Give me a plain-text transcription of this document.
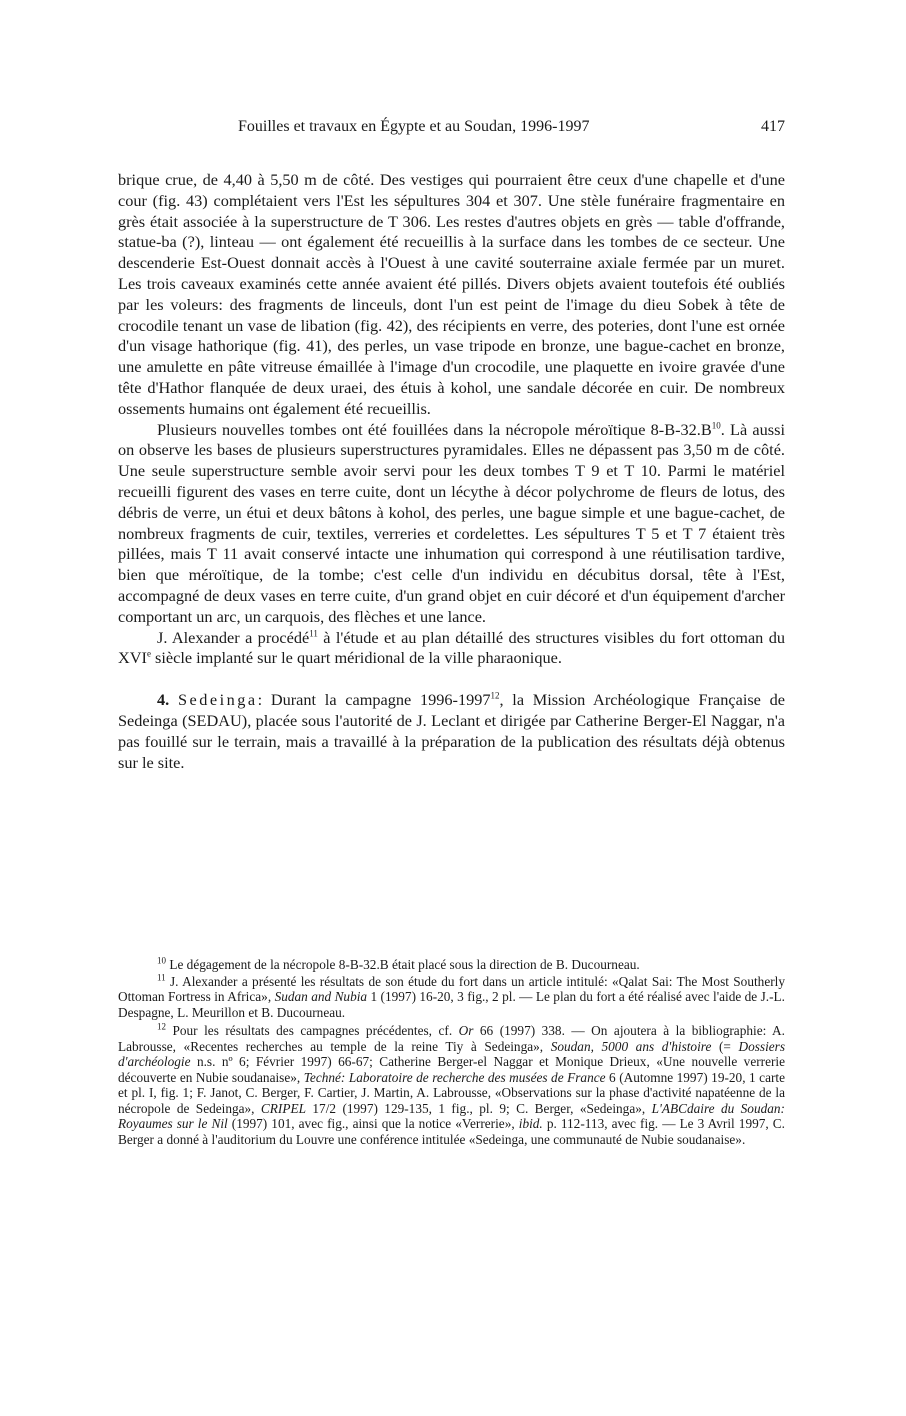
Fouilles et travaux en Égypte et au Soudan, 1996-1997	417

brique crue, de 4,40 à 5,50 m de côté. Des vestiges qui pourraient être ceux d'une chapelle et d'une cour (fig. 43) complétaient vers l'Est les sépultures 304 et 307. Une stèle funéraire fragmentaire en grès était associée à la superstructure de T 306. Les restes d'autres objets en grès — table d'offrande, statue-ba (?), linteau — ont également été recueillis à la surface dans les tombes de ce secteur. Une descenderie Est-Ouest donnait accès à l'Ouest à une cavité souterraine axiale fermée par un muret. Les trois caveaux examinés cette année avaient été pillés. Divers objets avaient toutefois été oubliés par les voleurs: des fragments de linceuls, dont l'un est peint de l'image du dieu Sobek à tête de crocodile tenant un vase de libation (fig. 42), des récipients en verre, des poteries, dont l'une est ornée d'un visage hathorique (fig. 41), des perles, un vase tripode en bronze, une bague-cachet en bronze, une amulette en pâte vitreuse émaillée à l'image d'un crocodile, une plaquette en ivoire gravée d'une tête d'Hathor flanquée de deux uraei, des étuis à kohol, une sandale décorée en cuir. De nombreux ossements humains ont également été recueillis.

Plusieurs nouvelles tombes ont été fouillées dans la nécropole méroïtique $8-B-32.B^{10}$. Là aussi on observe les bases de plusieurs superstructures pyramidales. Elles ne dépassent pas 3,50 m de côté. Une seule superstructure semble avoir servi pour les deux tombes T 9 et T 10. Parmi le matériel recueilli figurent des vases en terre cuite, dont un lécythe à décor polychrome de fleurs de lotus, des débris de verre, un étui et deux bâtons à kohol, des perles, une bague simple et une bague-cachet, de nombreux fragments de cuir, textiles, verreries et cordelettes. Les sépultures T 5 et T 7 étaient très pillées, mais T 11 avait conservé intacte une inhumation qui correspond à une réutilisation tardive, bien que méroïtique, de la tombe; c'est celle d'un individu en décubitus dorsal, tête à l'Est, accompagné de deux vases en terre cuite, d'un grand objet en cuir décoré et d'un équipement d'archer comportant un arc, un carquois, des flèches et une lance.

J. Alexander a procédé$^{11}$ à l'étude et au plan détaillé des structures visibles du fort ottoman du XVIe siècle implanté sur le quart méridional de la ville pharaonique.

4. Sedeinga: Durant la campagne 1996-1997$^{12}$, la Mission Archéologique Française de Sedeinga (SEDAU), placée sous l'autorité de J. Leclant et dirigée par Catherine Berger-El Naggar, n'a pas fouillé sur le terrain, mais a travaillé à la préparation de la publication des résultats déjà obtenus sur le site.

$^{10}$ Le dégagement de la nécropole 8-B-32.B était placé sous la direction de B. Ducourneau.

$^{11}$ J. Alexander a présenté les résultats de son étude du fort dans un article intitulé: «Qalat Sai: The Most Southerly Ottoman Fortress in Africa», Sudan and Nubia 1 (1997) 16-20, 3 fig., 2 pl. — Le plan du fort a été réalisé avec l'aide de J.-L. Despagne, L. Meurillon et B. Ducourneau.

$^{12}$ Pour les résultats des campagnes précédentes, cf. Or 66 (1997) 338. — On ajoutera à la bibliographie: A. Labrousse, «Recentes recherches au temple de la reine Tiy à Sedeinga», Soudan, 5000 ans d'histoire (= Dossiers d'archéologie n.s. nº 6; Février 1997) 66-67; Catherine Berger-el Naggar et Monique Drieux, «Une nouvelle verrerie découverte en Nubie soudanaise», Techné: Laboratoire de recherche des musées de France 6 (Automne 1997) 19-20, 1 carte et pl. I, fig. 1; F. Janot, C. Berger, F. Cartier, J. Martin, A. Labrousse, «Observations sur la phase d'activité napatéenne de la nécropole de Sedeinga», CRIPEL 17/2 (1997) 129-135, 1 fig., pl. 9; C. Berger, «Sedeinga», L'ABCdaire du Soudan: Royaumes sur le Nil (1997) 101, avec fig., ainsi que la notice «Verrerie», ibid. p. 112-113, avec fig. — Le 3 Avril 1997, C. Berger a donné à l'auditorium du Louvre une conférence intitulée «Sedeinga, une communauté de Nubie soudanaise».
